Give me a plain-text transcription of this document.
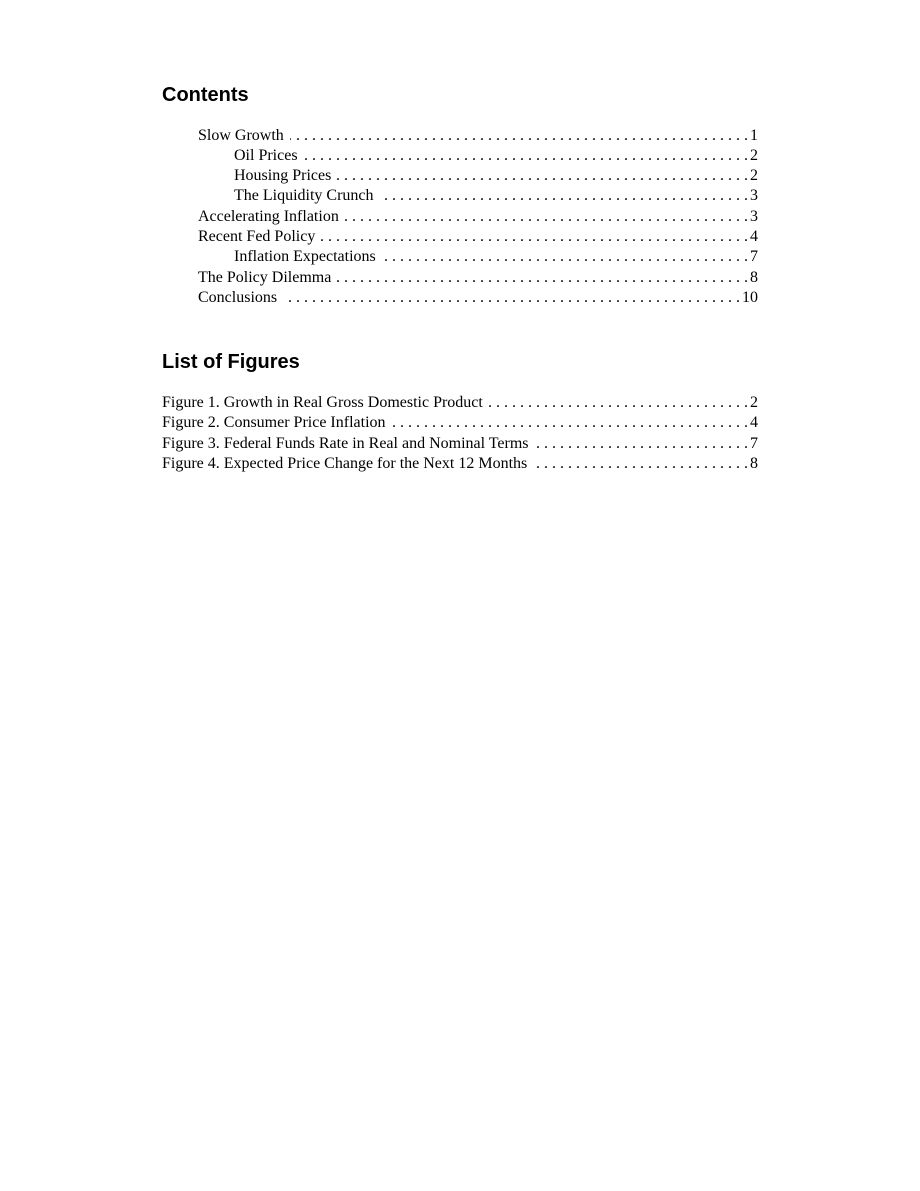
Contents
Slow Growth . . .	1
Oil Prices . . .	2
Housing Prices . . .	2
The Liquidity Crunch . . .	3
Accelerating Inflation . . .	3
Recent Fed Policy . . .	4
Inflation Expectations . . .	7
The Policy Dilemma . . .	8
Conclusions . . .	10
List of Figures
Figure 1. Growth in Real Gross Domestic Product . . .	2
Figure 2. Consumer Price Inflation . . .	4
Figure 3. Federal Funds Rate in Real and Nominal Terms . . .	7
Figure 4. Expected Price Change for the Next 12 Months . . .	8
